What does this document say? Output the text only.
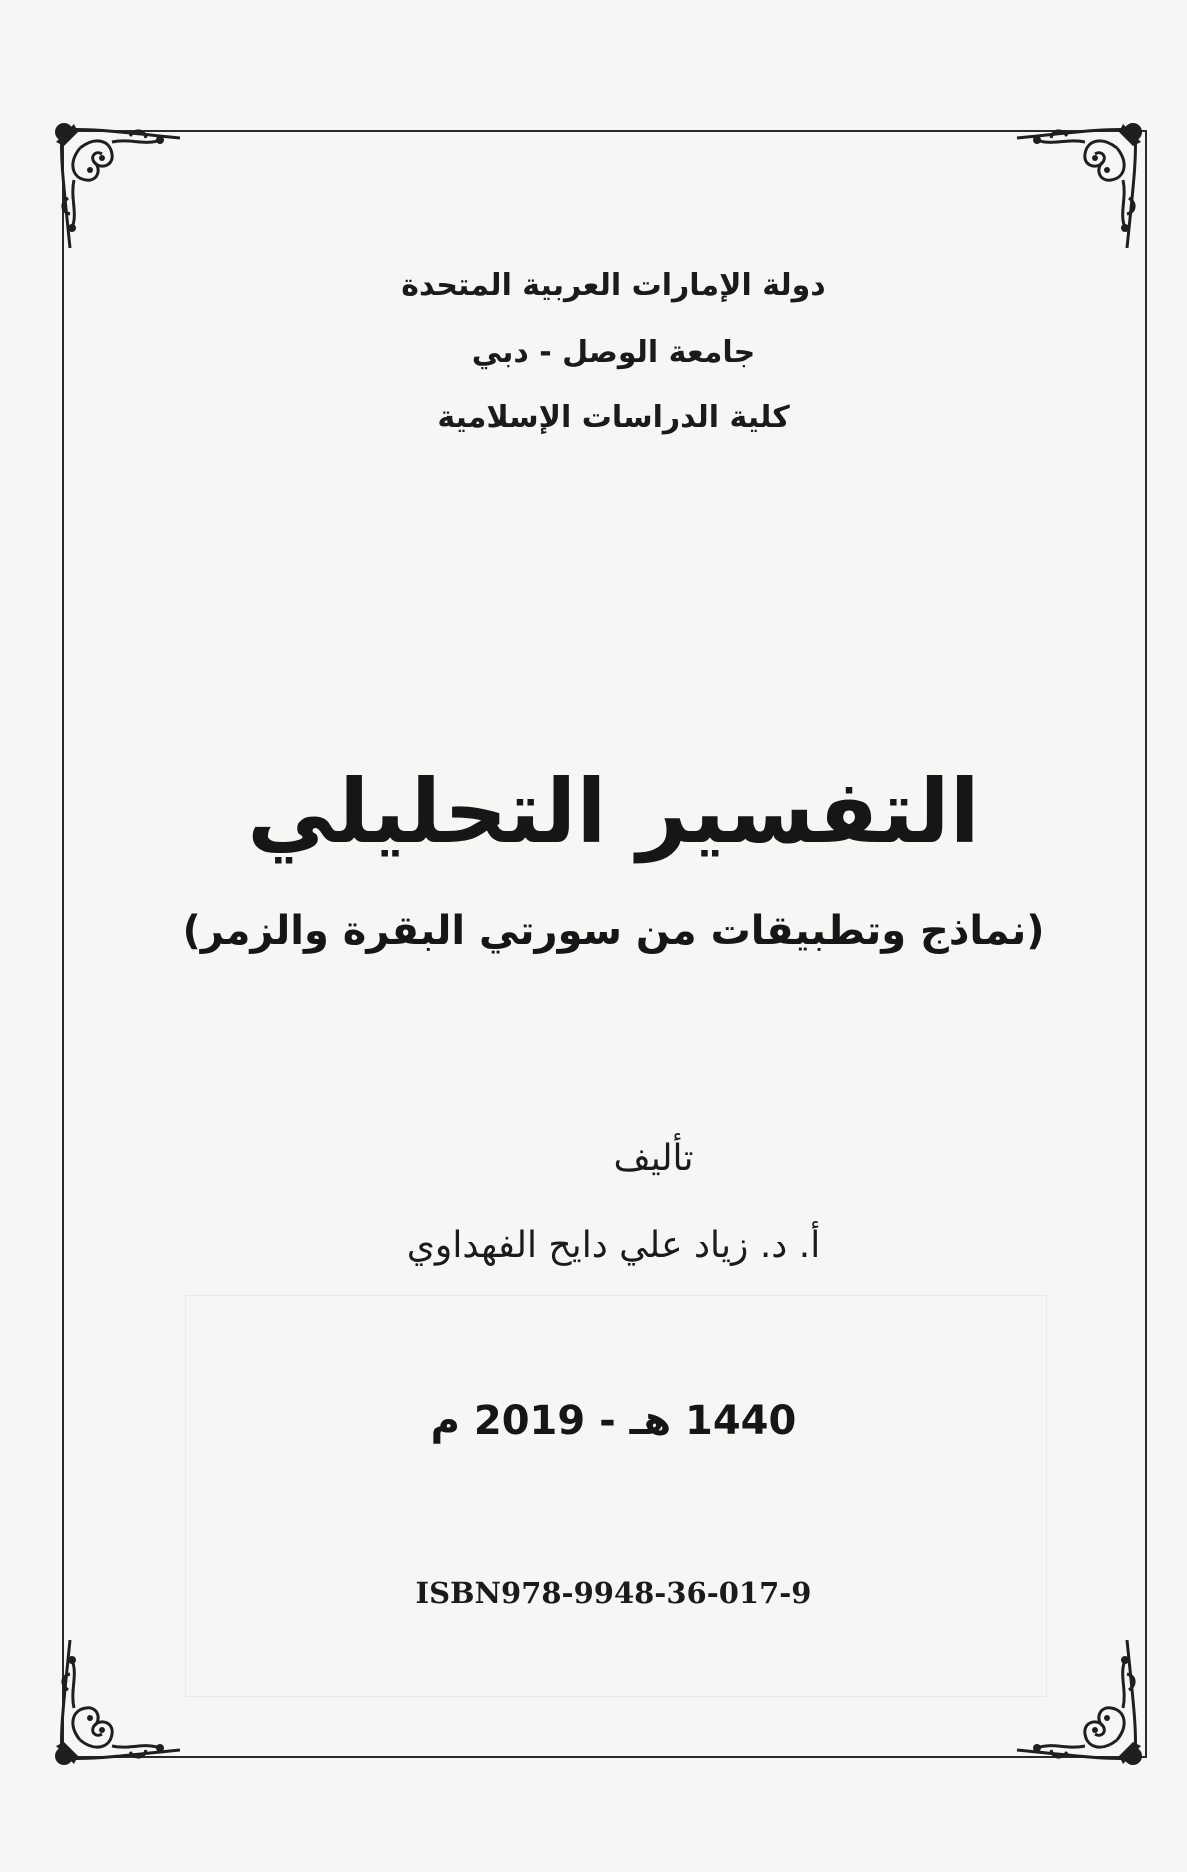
دولة الإمارات العربية المتحدة
جامعة الوصل - دبي
كلية الدراسات الإسلامية
التفسير التحليلي
(نماذج وتطبيقات من سورتي البقرة والزمر)
تأليف
أ. د. زياد علي دايح الفهداوي
1440 هـ - 2019 م
ISBN978-9948-36-017-9
